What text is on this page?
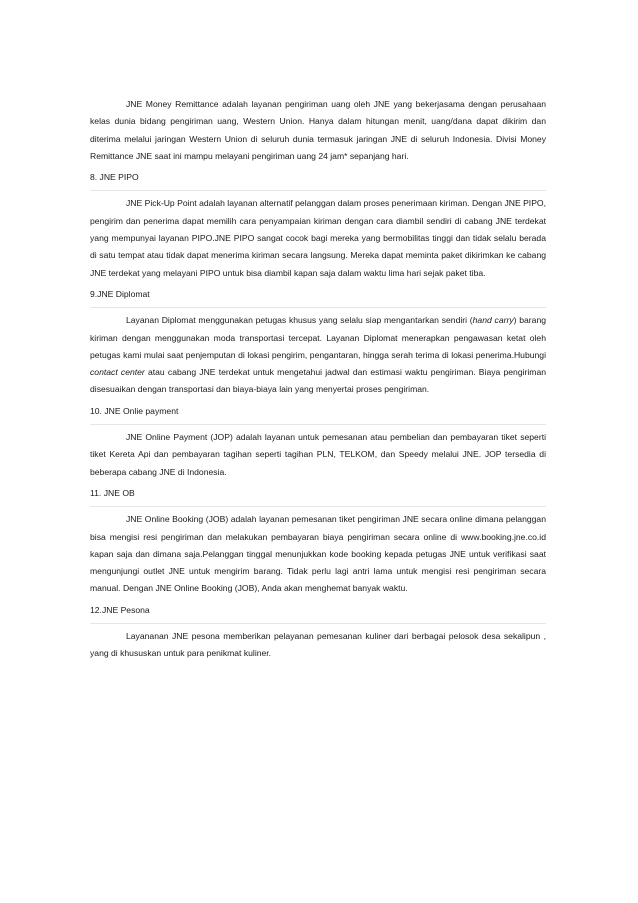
JNE Money Remittance adalah layanan pengiriman uang oleh JNE yang bekerjasama dengan perusahaan kelas dunia bidang pengiriman uang, Western Union. Hanya dalam hitungan menit, uang/dana dapat dikirim dan diterima melalui jaringan Western Union di seluruh dunia termasuk jaringan JNE di seluruh Indonesia. Divisi Money Remittance JNE saat ini mampu melayani pengiriman uang 24 jam* sepanjang hari.

8. JNE PIPO

JNE Pick-Up Point adalah layanan alternatif pelanggan dalam proses penerimaan kiriman. Dengan JNE PIPO, pengirim dan penerima dapat memilih cara penyampaian kiriman dengan cara diambil sendiri di cabang JNE terdekat yang mempunyai layanan PIPO.JNE PIPO sangat cocok bagi mereka yang bermobilitas tinggi dan tidak selalu berada di satu tempat atau tidak dapat menerima kiriman secara langsung. Mereka dapat meminta paket dikirimkan ke cabang JNE terdekat yang melayani PIPO untuk bisa diambil kapan saja dalam waktu lima hari sejak paket tiba.

9.JNE Diplomat

Layanan Diplomat menggunakan petugas khusus yang selalu siap mengantarkan sendiri (hand carry) barang kiriman dengan menggunakan moda transportasi tercepat. Layanan Diplomat menerapkan pengawasan ketat oleh petugas kami mulai saat penjemputan di lokasi pengirim, pengantaran, hingga serah terima di lokasi penerima.Hubungi contact center atau cabang JNE terdekat untuk mengetahui jadwal dan estimasi waktu pengiriman. Biaya pengiriman disesuaikan dengan transportasi dan biaya-biaya lain yang menyertai proses pengiriman.

10. JNE Onlie payment

JNE Online Payment (JOP) adalah layanan untuk pemesanan atau pembelian dan pembayaran tiket seperti tiket Kereta Api dan pembayaran tagihan seperti tagihan PLN, TELKOM, dan Speedy melalui JNE. JOP tersedia di beberapa cabang JNE di Indonesia.

11. JNE OB

JNE Online Booking (JOB) adalah layanan pemesanan tiket pengiriman JNE secara online dimana pelanggan bisa mengisi resi pengiriman dan melakukan pembayaran biaya pengiriman secara online di www.booking.jne.co.id kapan saja dan dimana saja.Pelanggan tinggal menunjukkan kode booking kepada petugas JNE untuk verifikasi saat mengunjungi outlet JNE untuk mengirim barang. Tidak perlu lagi antri lama untuk mengisi resi pengiriman secara manual. Dengan JNE Online Booking (JOB), Anda akan menghemat banyak waktu.

12.JNE Pesona

Layananan JNE pesona memberikan pelayanan pemesanan kuliner dari berbagai pelosok desa sekalipun , yang di khususkan untuk para penikmat kuliner.
